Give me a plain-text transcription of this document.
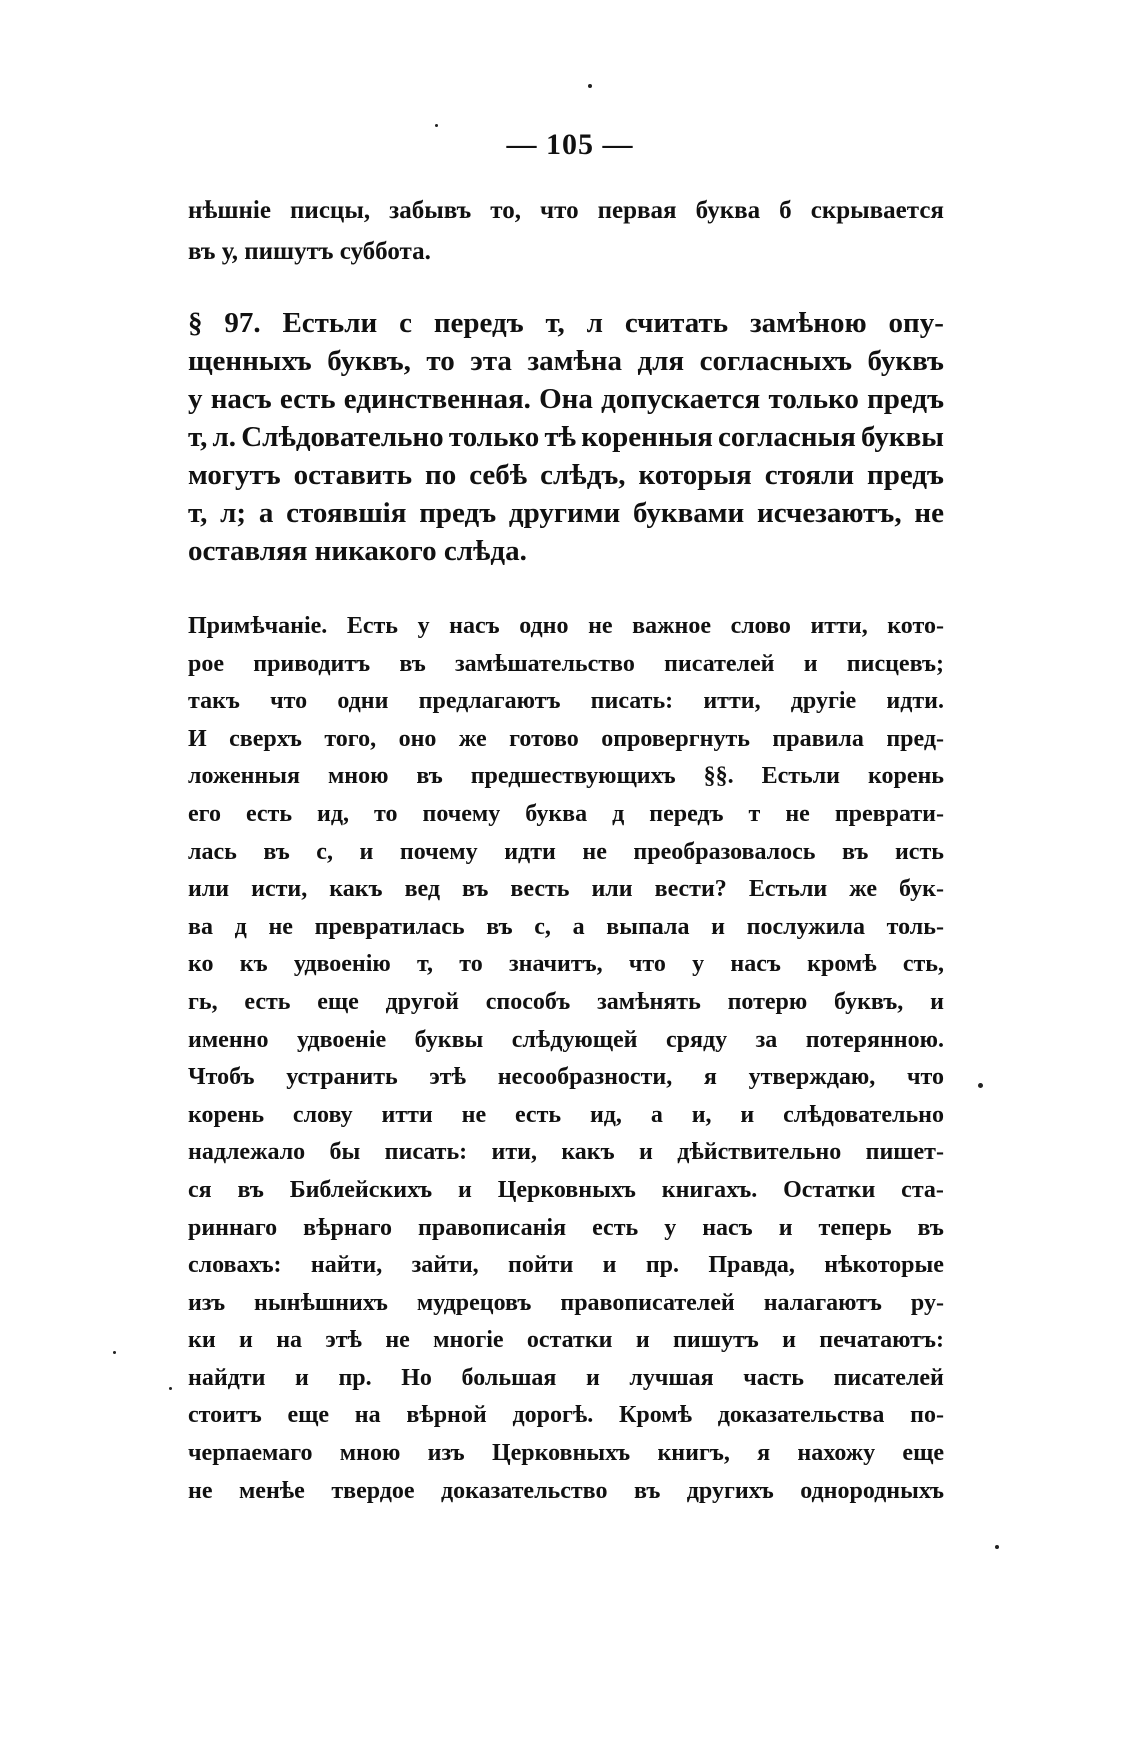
— 105 —
нѣшніе писцы, забывъ то, что первая буква б скрывается
въ у, пишутъ суббота.
§ 97. Естьли с передъ т, л считать замѣною опу-
щенныхъ буквъ, то эта замѣна для согласныхъ буквъ
у насъ есть единственная. Она допускается только предъ
т, л. Слѣдовательно только тѣ коренныя согласныя буквы
могутъ оставить по себѣ слѣдъ, которыя стояли предъ
т, л; а стоявшія предъ другими буквами исчезаютъ, не
оставляя никакого слѣда.
Примѣчаніе. Есть у насъ одно не важное слово итти, кото-
рое приводитъ въ замѣшательство писателей и писцевъ;
такъ что одни предлагаютъ писать: итти, другіе идти.
И сверхъ того, оно же готово опровергнуть правила пред-
ложенныя мною въ предшествующихъ §§. Естьли корень
его есть ид, то почему буква д передъ т не преврати-
лась въ с, и почему идти не преобразовалось въ исть
или исти, какъ вед въ весть или вести? Естьли же бук-
ва д не превратилась въ с, а выпала и послужила толь-
ко къ удвоенію т, то значитъ, что у насъ кромѣ сть,
гь, есть еще другой способъ замѣнять потерю буквъ, и
именно удвоеніе буквы слѣдующей сряду за потерянною.
Чтобъ устранить этѣ несообразности, я утверждаю, что
корень слову итти не есть ид, а и, и слѣдовательно
надлежало бы писать: ити, какъ и дѣйствительно пишет-
ся въ Библейскихъ и Церковныхъ книгахъ. Остатки ста-
риннаго вѣрнаго правописанія есть у насъ и теперь въ
словахъ: найти, зайти, пойти и пр. Правда, нѣкоторые
изъ нынѣшнихъ мудрецовъ правописателей налагаютъ ру-
ки и на этѣ не многіе остатки и пишутъ и печатаютъ:
найдти и пр. Но большая и лучшая часть писателей
стоитъ еще на вѣрной дорогѣ. Кромѣ доказательства по-
черпаемаго мною изъ Церковныхъ книгъ, я нахожу еще
не менѣе твердое доказательство въ другихъ однородныхъ
